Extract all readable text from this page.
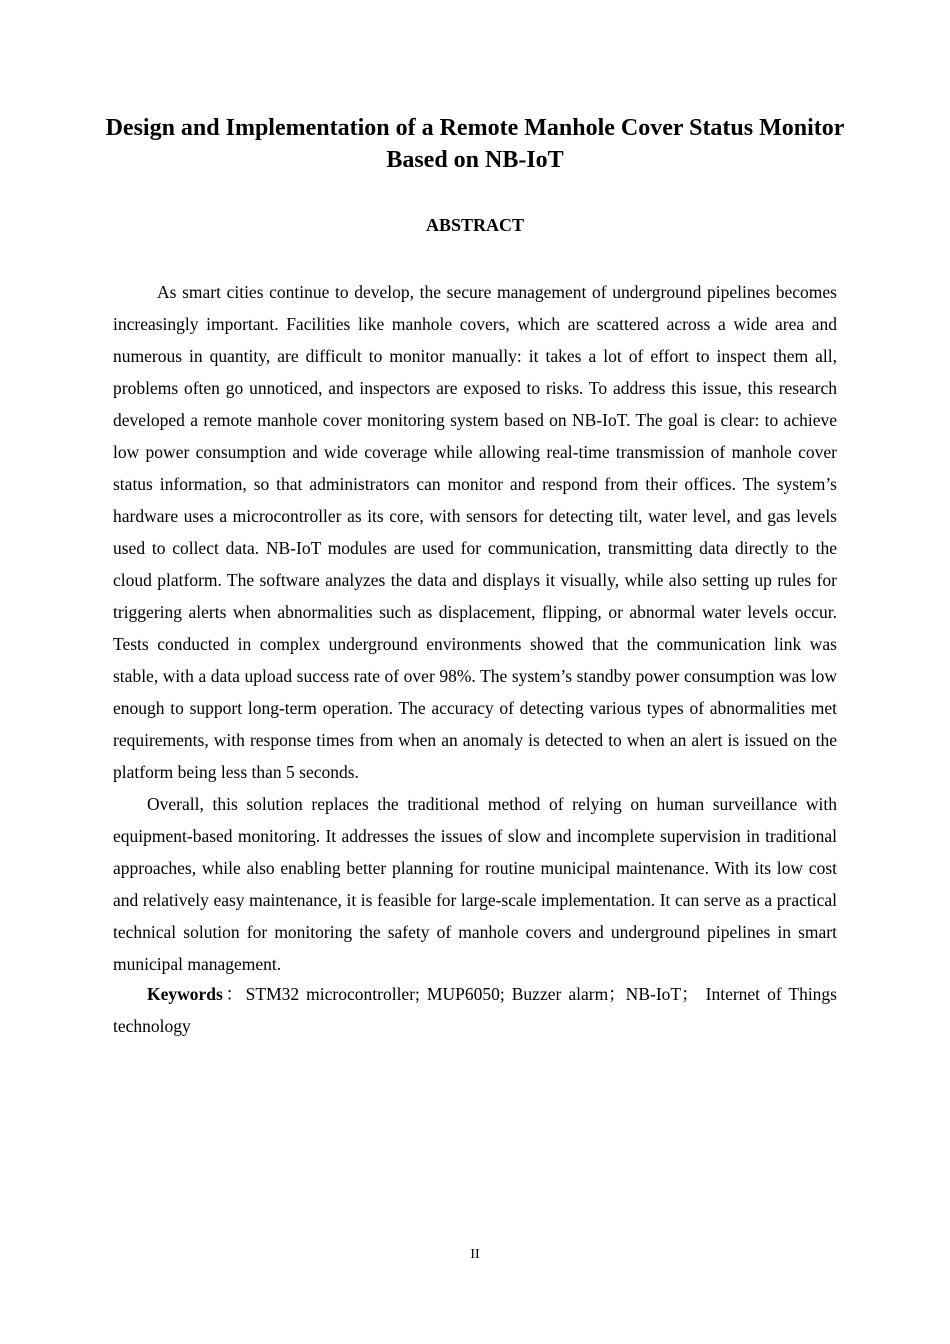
Design and Implementation of a Remote Manhole Cover Status Monitor Based on NB-IoT
ABSTRACT

As smart cities continue to develop, the secure management of underground pipelines becomes increasingly important. Facilities like manhole covers, which are scattered across a wide area and numerous in quantity, are difficult to monitor manually: it takes a lot of effort to inspect them all, problems often go unnoticed, and inspectors are exposed to risks. To address this issue, this research developed a remote manhole cover monitoring system based on NB-IoT. The goal is clear: to achieve low power consumption and wide coverage while allowing real-time transmission of manhole cover status information, so that administrators can monitor and respond from their offices. The system’s hardware uses a microcontroller as its core, with sensors for detecting tilt, water level, and gas levels used to collect data. NB-IoT modules are used for communication, transmitting data directly to the cloud platform. The software analyzes the data and displays it visually, while also setting up rules for triggering alerts when abnormalities such as displacement, flipping, or abnormal water levels occur. Tests conducted in complex underground environments showed that the communication link was stable, with a data upload success rate of over 98%. The system’s standby power consumption was low enough to support long-term operation. The accuracy of detecting various types of abnormalities met requirements, with response times from when an anomaly is detected to when an alert is issued on the platform being less than 5 seconds.

Overall, this solution replaces the traditional method of relying on human surveillance with equipment-based monitoring. It addresses the issues of slow and incomplete supervision in traditional approaches, while also enabling better planning for routine municipal maintenance. With its low cost and relatively easy maintenance, it is feasible for large-scale implementation. It can serve as a practical technical solution for monitoring the safety of manhole covers and underground pipelines in smart municipal management.

Keywords：STM32 microcontroller; MUP6050; Buzzer alarm；NB-IoT； Internet of Things technology

II
